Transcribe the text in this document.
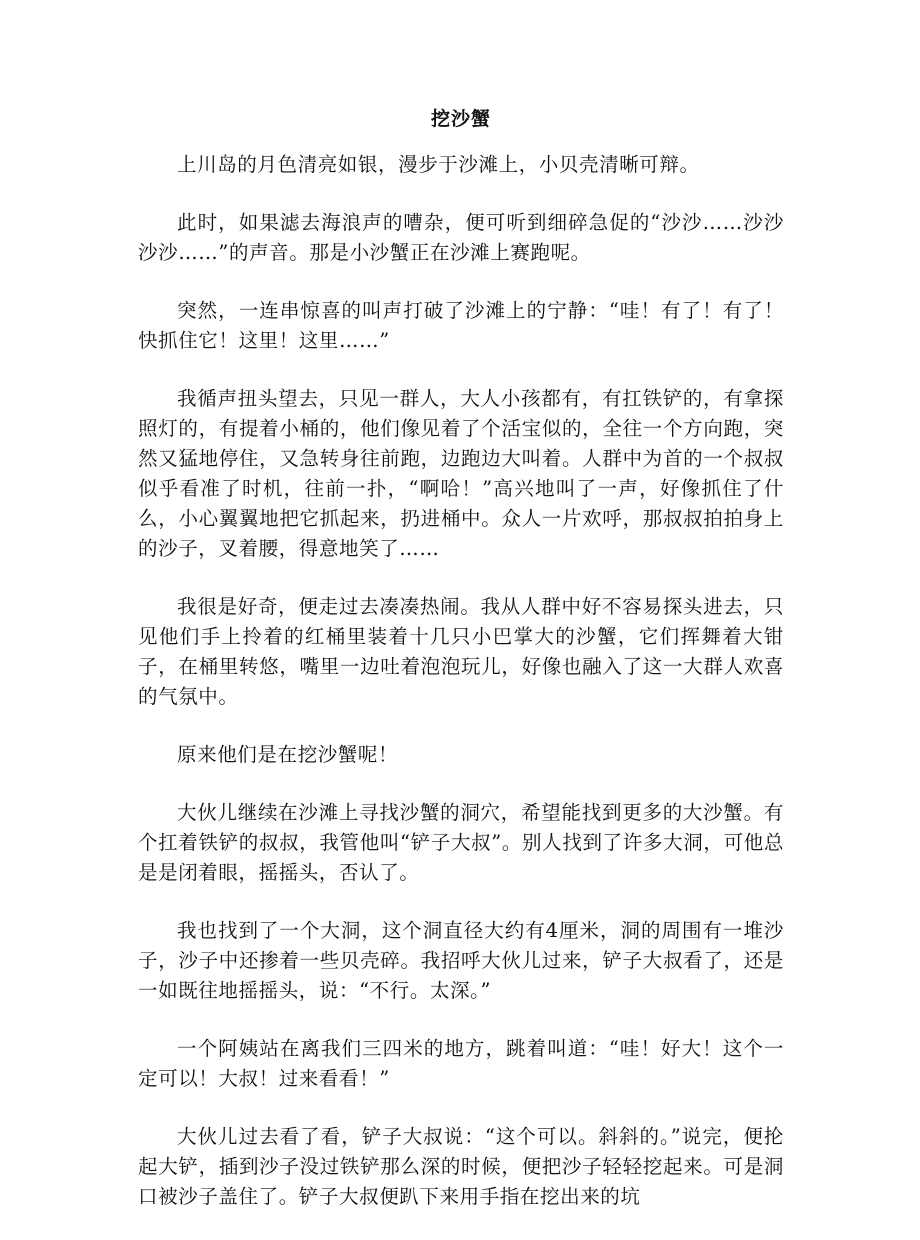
挖沙蟹

上川岛的月色清亮如银，漫步于沙滩上，小贝壳清晰可辩。

此时，如果滤去海浪声的嘈杂，便可听到细碎急促的“沙沙……沙沙沙沙……”的声音。那是小沙蟹正在沙滩上赛跑呢。

突然，一连串惊喜的叫声打破了沙滩上的宁静：“哇！有了！有了！快抓住它！这里！这里……”

我循声扭头望去，只见一群人，大人小孩都有，有扛铁铲的，有拿探照灯的，有提着小桶的，他们像见着了个活宝似的，全往一个方向跑，突然又猛地停住，又急转身往前跑，边跑边大叫着。人群中为首的一个叔叔似乎看准了时机，往前一扑，“啊哈！”高兴地叫了一声，好像抓住了什么，小心翼翼地把它抓起来，扔进桶中。众人一片欢呼，那叔叔拍拍身上的沙子，叉着腰，得意地笑了……

我很是好奇，便走过去凑凑热闹。我从人群中好不容易探头进去，只见他们手上拎着的红桶里装着十几只小巴掌大的沙蟹，它们挥舞着大钳子，在桶里转悠，嘴里一边吐着泡泡玩儿，好像也融入了这一大群人欢喜的气氛中。

原来他们是在挖沙蟹呢！

大伙儿继续在沙滩上寻找沙蟹的洞穴，希望能找到更多的大沙蟹。有个扛着铁铲的叔叔，我管他叫“铲子大叔”。别人找到了许多大洞，可他总是是闭着眼，摇摇头，否认了。

我也找到了一个大洞，这个洞直径大约有4厘米，洞的周围有一堆沙子，沙子中还掺着一些贝壳碎。我招呼大伙儿过来，铲子大叔看了，还是一如既往地摇摇头，说：“不行。太深。”

一个阿姨站在离我们三四米的地方，跳着叫道：“哇！好大！这个一定可以！大叔！过来看看！”

大伙儿过去看了看，铲子大叔说：“这个可以。斜斜的。”说完，便抡起大铲，插到沙子没过铁铲那么深的时候，便把沙子轻轻挖起来。可是洞口被沙子盖住了。铲子大叔便趴下来用手指在挖出来的坑
